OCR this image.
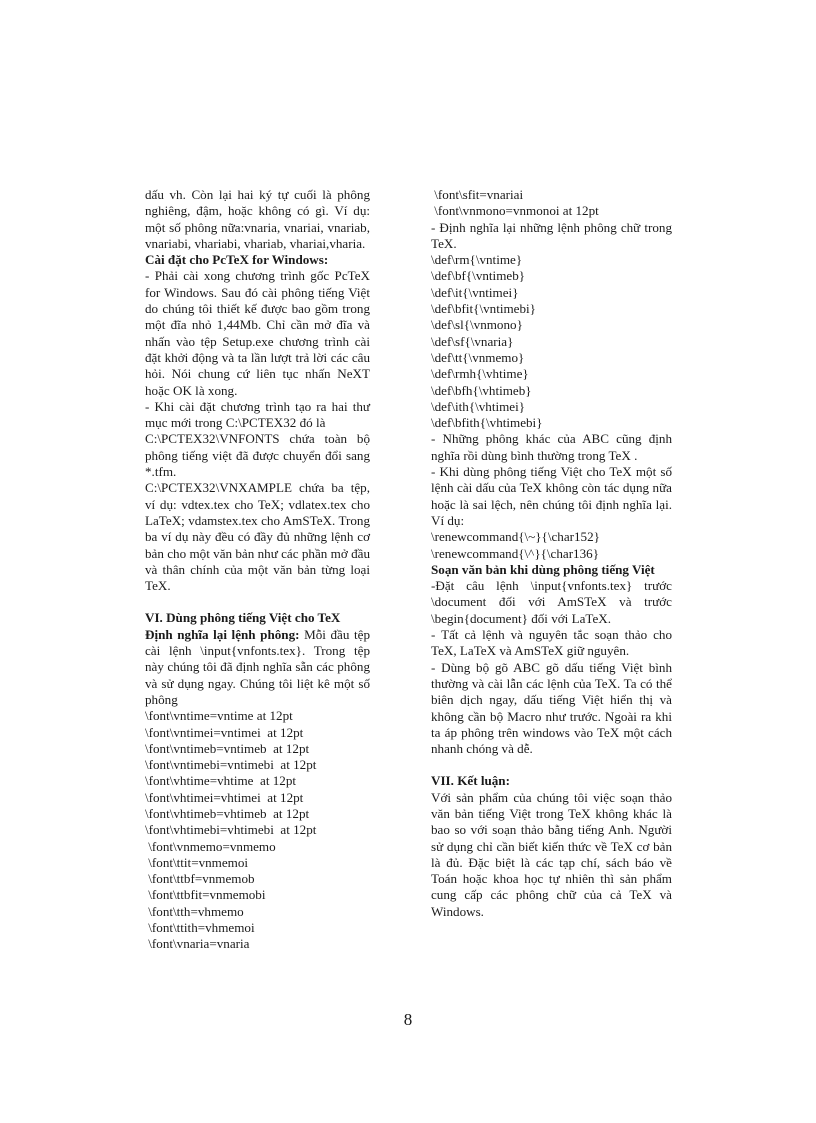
dấu vh. Còn lại hai ký tự cuối là phông nghiêng, đậm, hoặc không có gì. Ví dụ: một số phông nữa:vnaria, vnariai, vnariab, vnariabi, vhariabi, vhariab, vhariai,vharia.

Cài đặt cho PcTeX for Windows:

- Phải cài xong chương trình gốc PcTeX for Windows. Sau đó cài phông tiếng Việt do chúng tôi thiết kế được bao gồm trong một đĩa nhỏ 1,44Mb. Chỉ cần mở đĩa và nhấn vào tệp Setup.exe chương trình cài đặt khởi động và ta lần lượt trả lời các câu hỏi. Nói chung cứ liên tục nhấn NeXT hoặc OK là xong.

- Khi cài đặt chương trình tạo ra hai thư mục mới trong C:\PCTEX32 đó là

C:\PCTEX32\VNFONTS chứa toàn bộ phông tiếng việt đã được chuyển đổi sang *.tfm.

C:\PCTEX32\VNXAMPLE chứa ba tệp, ví dụ: vdtex.tex cho TeX; vdlatex.tex cho LaTeX; vdamstex.tex cho AmSTeX. Trong ba ví dụ này đều có đầy đủ những lệnh cơ bản cho một văn bản như các phần mở đầu và thân chính của một văn bản từng loại TeX.

VI. Dùng phông tiếng Việt cho TeX

Định nghĩa lại lệnh phông: Mỗi đầu tệp cài lệnh \input{vnfonts.tex}. Trong tệp này chúng tôi đã định nghĩa sẵn các phông và sử dụng ngay. Chúng tôi liệt kê một số phông

\font\vntime=vntime at 12pt

\font\vntimei=vntimei  at 12pt

\font\vntimeb=vntimeb  at 12pt

\font\vntimebi=vntimebi  at 12pt

\font\vhtime=vhtime  at 12pt

\font\vhtimei=vhtimei  at 12pt

\font\vhtimeb=vhtimeb  at 12pt

\font\vhtimebi=vhtimebi  at 12pt

\font\vnmemo=vnmemo

\font\ttit=vnmemoi

\font\ttbf=vnmemob

\font\ttbfit=vnmemobi

\font\tth=vhmemo

\font\ttith=vhmemoi

\font\vnaria=vnaria

\font\sfit=vnariai

\font\vnmono=vnmonoi at 12pt

- Định nghĩa lại những lệnh phông chữ trong TeX.

\def\rm{\vntime}

\def\bf{\vntimeb}

\def\it{\vntimei}

\def\bfit{\vntimebi}

\def\sl{\vnmono}

\def\sf{\vnaria}

\def\tt{\vnmemo}

\def\rmh{\vhtime}

\def\bfh{\vhtimeb}

\def\ith{\vhtimei}

\def\bfith{\vhtimebi}

- Những phông khác của ABC cũng định nghĩa rồi dùng bình thường trong TeX .

- Khi dùng phông tiếng Việt cho TeX một số lệnh cài dấu của TeX không còn tác dụng nữa hoặc là sai lệch, nên chúng tôi định nghĩa lại. Ví dụ:

\renewcommand{\~}{\char152}

\renewcommand{\^}{\char136}

Soạn văn bản khi dùng phông tiếng Việt

-Đặt câu lệnh \input{vnfonts.tex} trước \document đối với AmSTeX và trước \begin{document} đối với LaTeX.

- Tất cả lệnh và nguyên tắc soạn thảo cho TeX, LaTeX và AmSTeX giữ nguyên.

- Dùng bộ gõ ABC gõ dấu tiếng Việt bình thường và cài lẫn các lệnh của TeX. Ta có thể biên dịch ngay, dấu tiếng Việt hiển thị và không cần bộ Macro như trước. Ngoài ra khi ta áp phông trên windows vào TeX một cách nhanh chóng và dễ.

VII. Kết luận:

Với sản phẩm của chúng tôi việc soạn thảo văn bản tiếng Việt trong TeX không khác là bao so với soạn thảo bằng tiếng Anh. Người sử dụng chỉ cần biết kiến thức về TeX cơ bản là đủ. Đặc biệt là các tạp chí, sách báo về Toán hoặc khoa học tự nhiên thì sản phẩm cung cấp các phông chữ của cả TeX và Windows.

8
